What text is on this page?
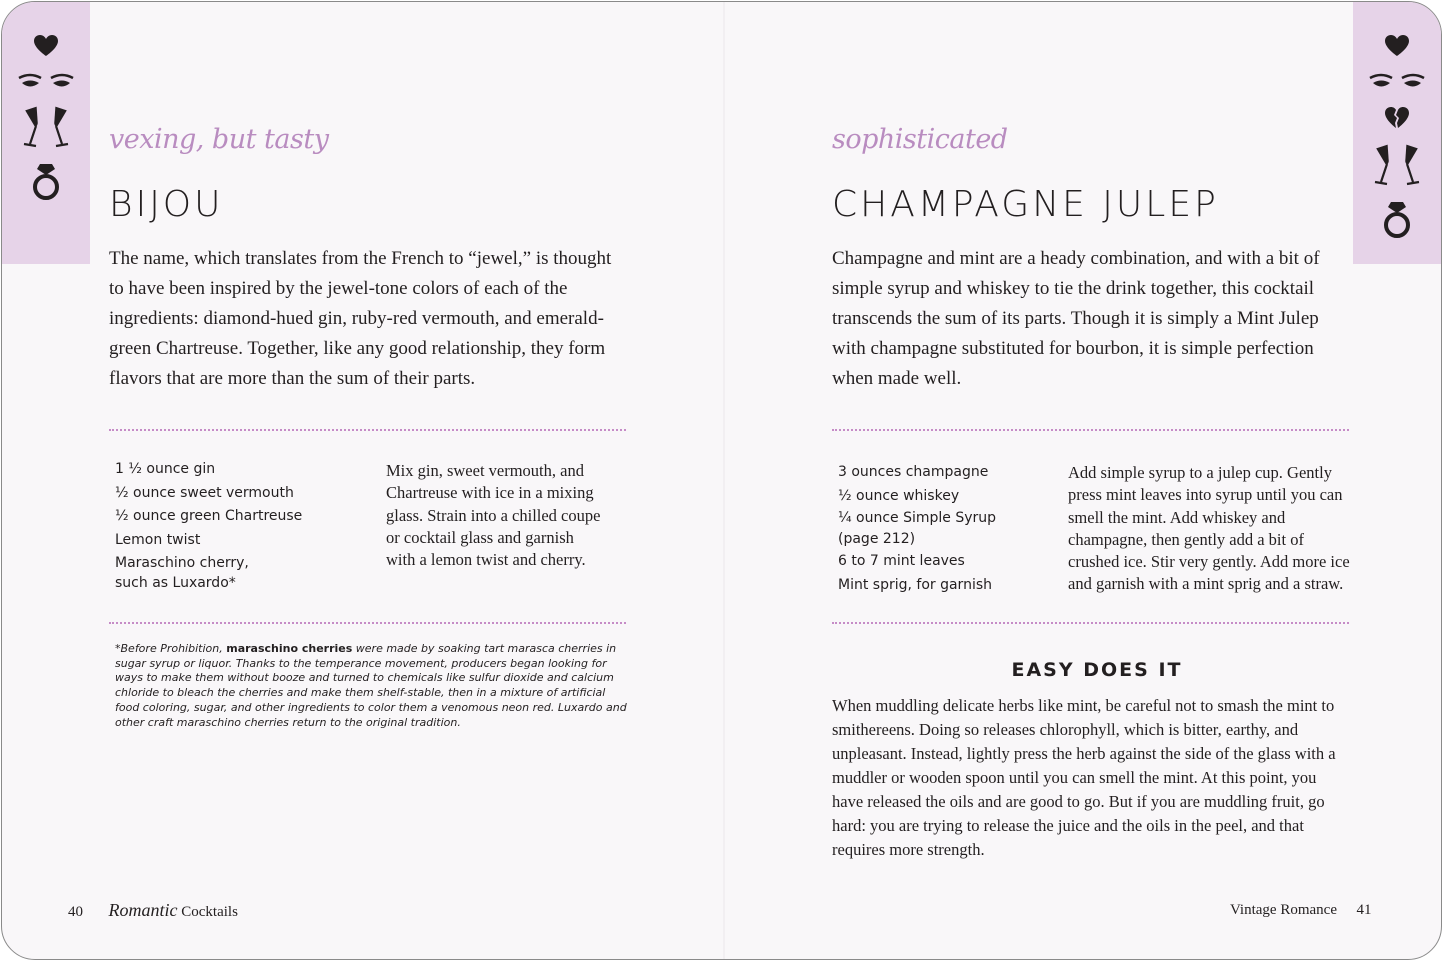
vexing, but tasty
BIJOU
The name, which translates from the French to “jewel,” is thought to have been inspired by the jewel-tone colors of each of the ingredients: diamond-hued gin, ruby-red vermouth, and emerald-green Chartreuse. Together, like any good relationship, they form flavors that are more than the sum of their parts.
1 ½ ounce gin
½ ounce sweet vermouth
½ ounce green Chartreuse
Lemon twist
Maraschino cherry,
such as Luxardo*
Mix gin, sweet vermouth, and Chartreuse with ice in a mixing glass. Strain into a chilled coupe or cocktail glass and garnish with a lemon twist and cherry.
*Before Prohibition, maraschino cherries were made by soaking tart marasca cherries in sugar syrup or liquor. Thanks to the temperance movement, producers began looking for ways to make them without booze and turned to chemicals like sulfur dioxide and calcium chloride to bleach the cherries and make them shelf-stable, then in a mixture of artificial food coloring, sugar, and other ingredients to color them a venomous neon red. Luxardo and other craft maraschino cherries return to the original tradition.
40 Romantic Cocktails
sophisticated
CHAMPAGNE JULEP
Champagne and mint are a heady combination, and with a bit of simple syrup and whiskey to tie the drink together, this cocktail transcends the sum of its parts. Though it is simply a Mint Julep with champagne substituted for bourbon, it is simple perfection when made well.
3 ounces champagne
½ ounce whiskey
¼ ounce Simple Syrup
(page 212)
6 to 7 mint leaves
Mint sprig, for garnish
Add simple syrup to a julep cup. Gently press mint leaves into syrup until you can smell the mint. Add whiskey and champagne, then gently add a bit of crushed ice. Stir very gently. Add more ice and garnish with a mint sprig and a straw.
EASY DOES IT
When muddling delicate herbs like mint, be careful not to smash the mint to smithereens. Doing so releases chlorophyll, which is bitter, earthy, and unpleasant. Instead, lightly press the herb against the side of the glass with a muddler or wooden spoon until you can smell the mint. At this point, you have released the oils and are good to go. But if you are muddling fruit, go hard: you are trying to release the juice and the oils in the peel, and that requires more strength.
Vintage Romance 41
